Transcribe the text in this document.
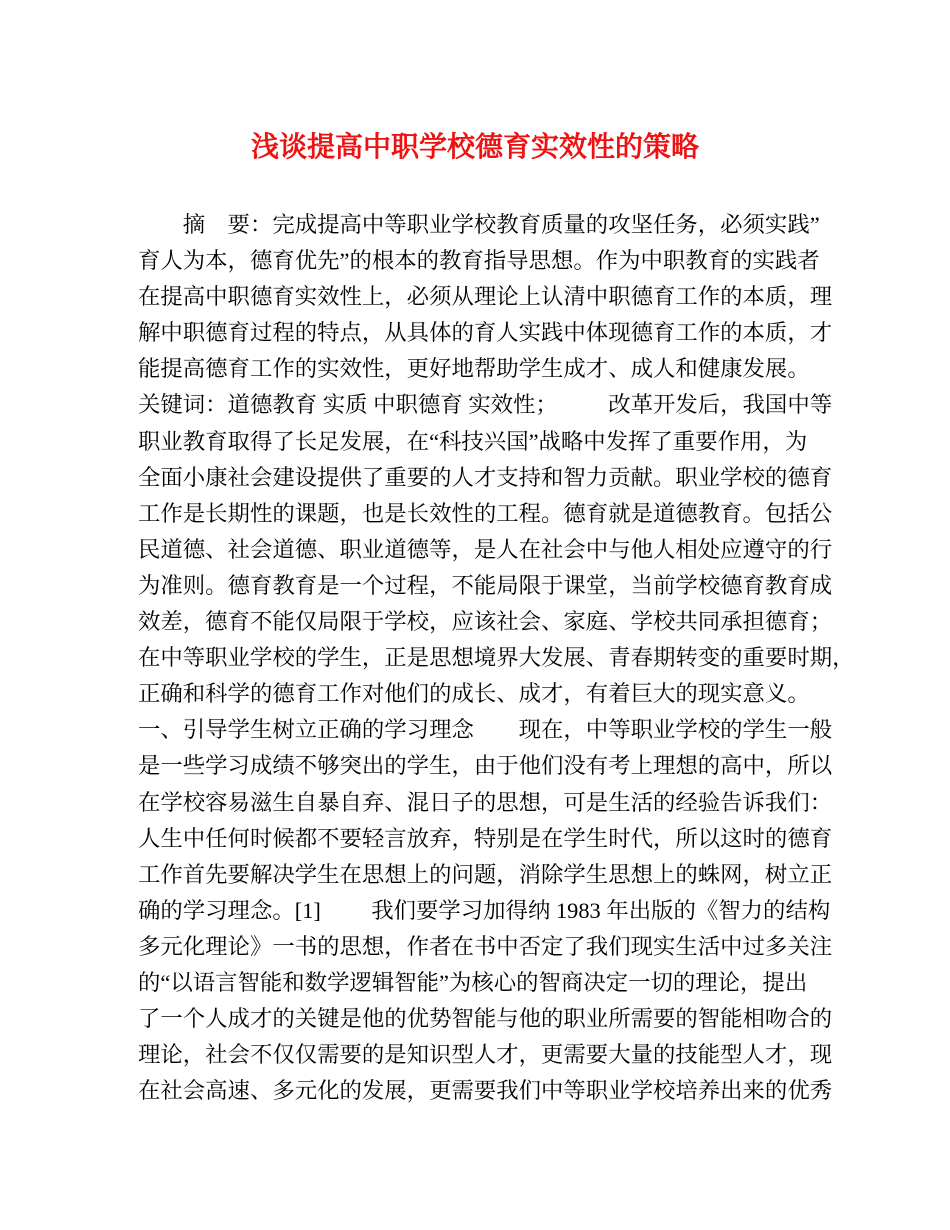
浅谈提高中职学校德育实效性的策略
　　摘　要：完成提高中等职业学校教育质量的攻坚任务，必须实践”
育人为本，德育优先”的根本的教育指导思想。作为中职教育的实践者
在提高中职德育实效性上，必须从理论上认清中职德育工作的本质，理
解中职德育过程的特点，从具体的育人实践中体现德育工作的本质，才
能提高德育工作的实效性，更好地帮助学生成才、成人和健康发展。
关键词：道德教育 实质 中职德育 实效性；         改革开发后，我国中等
职业教育取得了长足发展，在“科技兴国”战略中发挥了重要作用，为
全面小康社会建设提供了重要的人才支持和智力贡献。职业学校的德育
工作是长期性的课题，也是长效性的工程。德育就是道德教育。包括公
民道德、社会道德、职业道德等，是人在社会中与他人相处应遵守的行
为准则。德育教育是一个过程，不能局限于课堂，当前学校德育教育成
效差，德育不能仅局限于学校，应该社会、家庭、学校共同承担德育；
在中等职业学校的学生，正是思想境界大发展、青春期转变的重要时期，
正确和科学的德育工作对他们的成长、成才，有着巨大的现实意义。
一、引导学生树立正确的学习理念        现在，中等职业学校的学生一般
是一些学习成绩不够突出的学生，由于他们没有考上理想的高中，所以
在学校容易滋生自暴自弃、混日子的思想，可是生活的经验告诉我们：
人生中任何时候都不要轻言放弃，特别是在学生时代，所以这时的德育
工作首先要解决学生在思想上的问题，消除学生思想上的蛛网，树立正
确的学习理念。[1]         我们要学习加得纳 1983 年出版的《智力的结构
多元化理论》一书的思想，作者在书中否定了我们现实生活中过多关注
的“以语言智能和数学逻辑智能”为核心的智商决定一切的理论，提出
了一个人成才的关键是他的优势智能与他的职业所需要的智能相吻合的
理论，社会不仅仅需要的是知识型人才，更需要大量的技能型人才，现
在社会高速、多元化的发展，更需要我们中等职业学校培养出来的优秀
